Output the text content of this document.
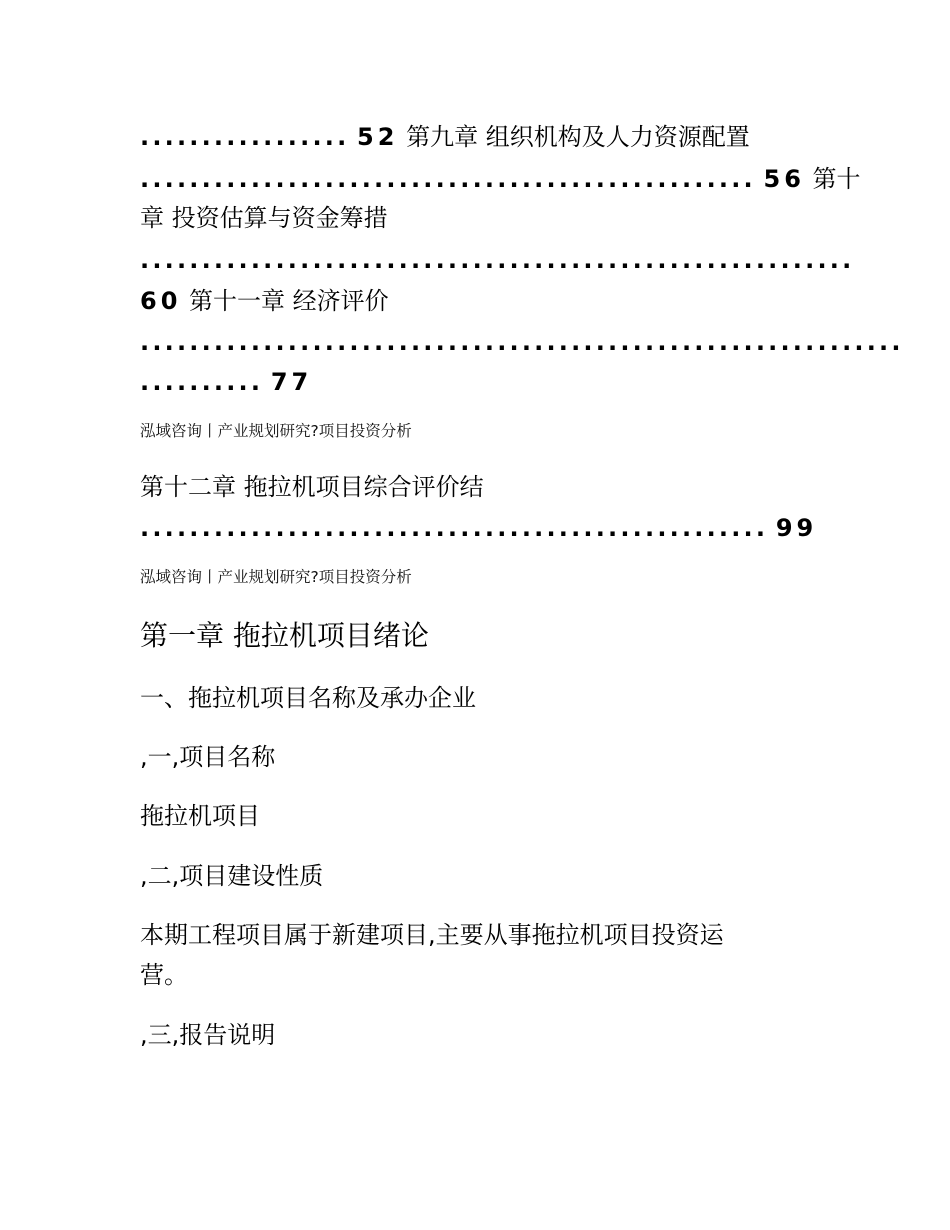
................. 52 第九章 组织机构及人力资源配置
.................................................. 56 第十
章 投资估算与资金筹措
..........................................................
60 第十一章 经济评价
..............................................................
.......... 77
泓域咨询丨产业规划研究?项目投资分析
第十二章 拖拉机项目综合评价结
................................................... 99
泓域咨询丨产业规划研究?项目投资分析
第一章 拖拉机项目绪论
一、拖拉机项目名称及承办企业
,一,项目名称
拖拉机项目
,二,项目建设性质
本期工程项目属于新建项目,主要从事拖拉机项目投资运
营。
,三,报告说明
